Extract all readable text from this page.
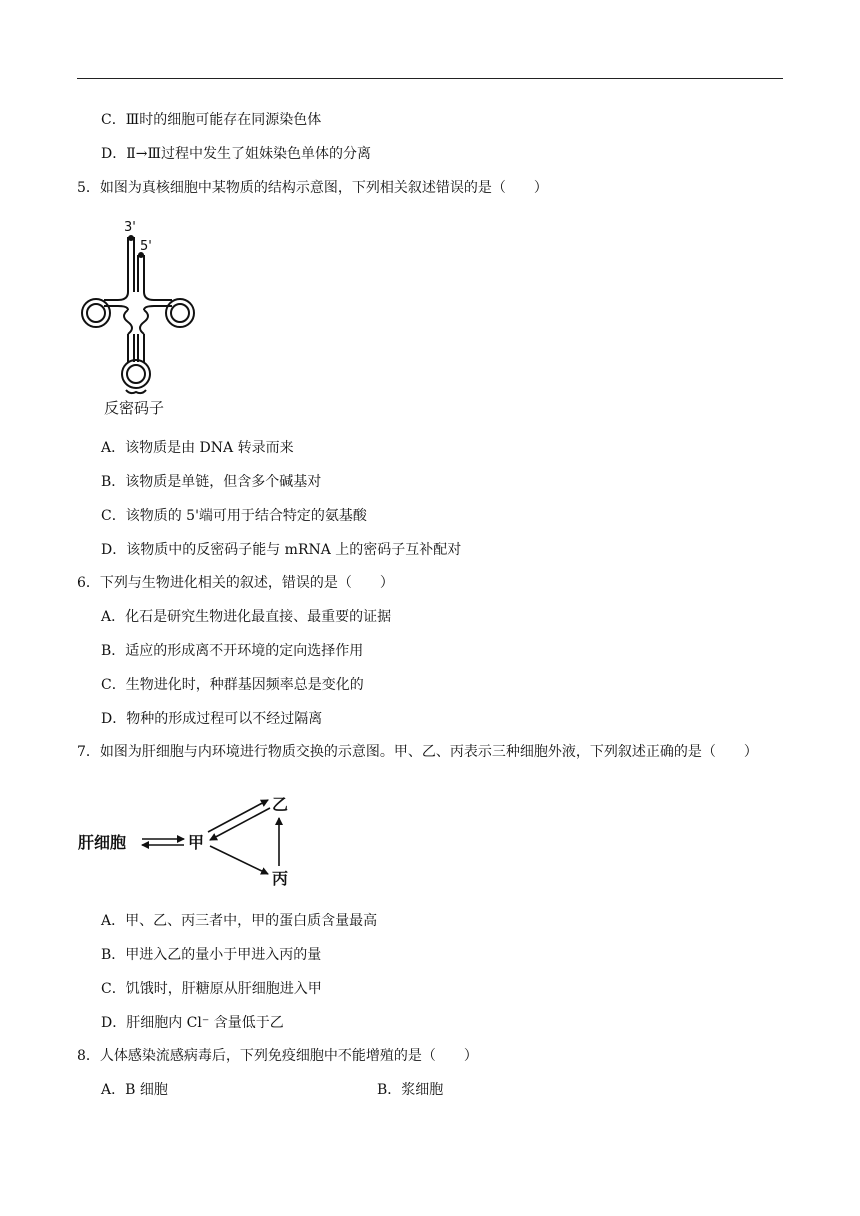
C．Ⅲ时的细胞可能存在同源染色体
D．Ⅱ→Ⅲ过程中发生了姐妹染色单体的分离
5．如图为真核细胞中某物质的结构示意图，下列相关叙述错误的是（　　）
3'
5'
反密码子
A．该物质是由 DNA 转录而来
B．该物质是单链，但含多个碱基对
C．该物质的 5'端可用于结合特定的氨基酸
D．该物质中的反密码子能与 mRNA 上的密码子互补配对
6．下列与生物进化相关的叙述，错误的是（　　）
A．化石是研究生物进化最直接、最重要的证据
B．适应的形成离不开环境的定向选择作用
C．生物进化时，种群基因频率总是变化的
D．物种的形成过程可以不经过隔离
7．如图为肝细胞与内环境进行物质交换的示意图。甲、乙、丙表示三种细胞外液，下列叙述正确的是（　　）
肝细胞	甲
乙
丙
A．甲、乙、丙三者中，甲的蛋白质含量最高
B．甲进入乙的量小于甲进入丙的量
C．饥饿时，肝糖原从肝细胞进入甲
D．肝细胞内 Cl⁻ 含量低于乙
8．人体感染流感病毒后，下列免疫细胞中不能增殖的是（　　）
A．B 细胞	B．浆细胞
